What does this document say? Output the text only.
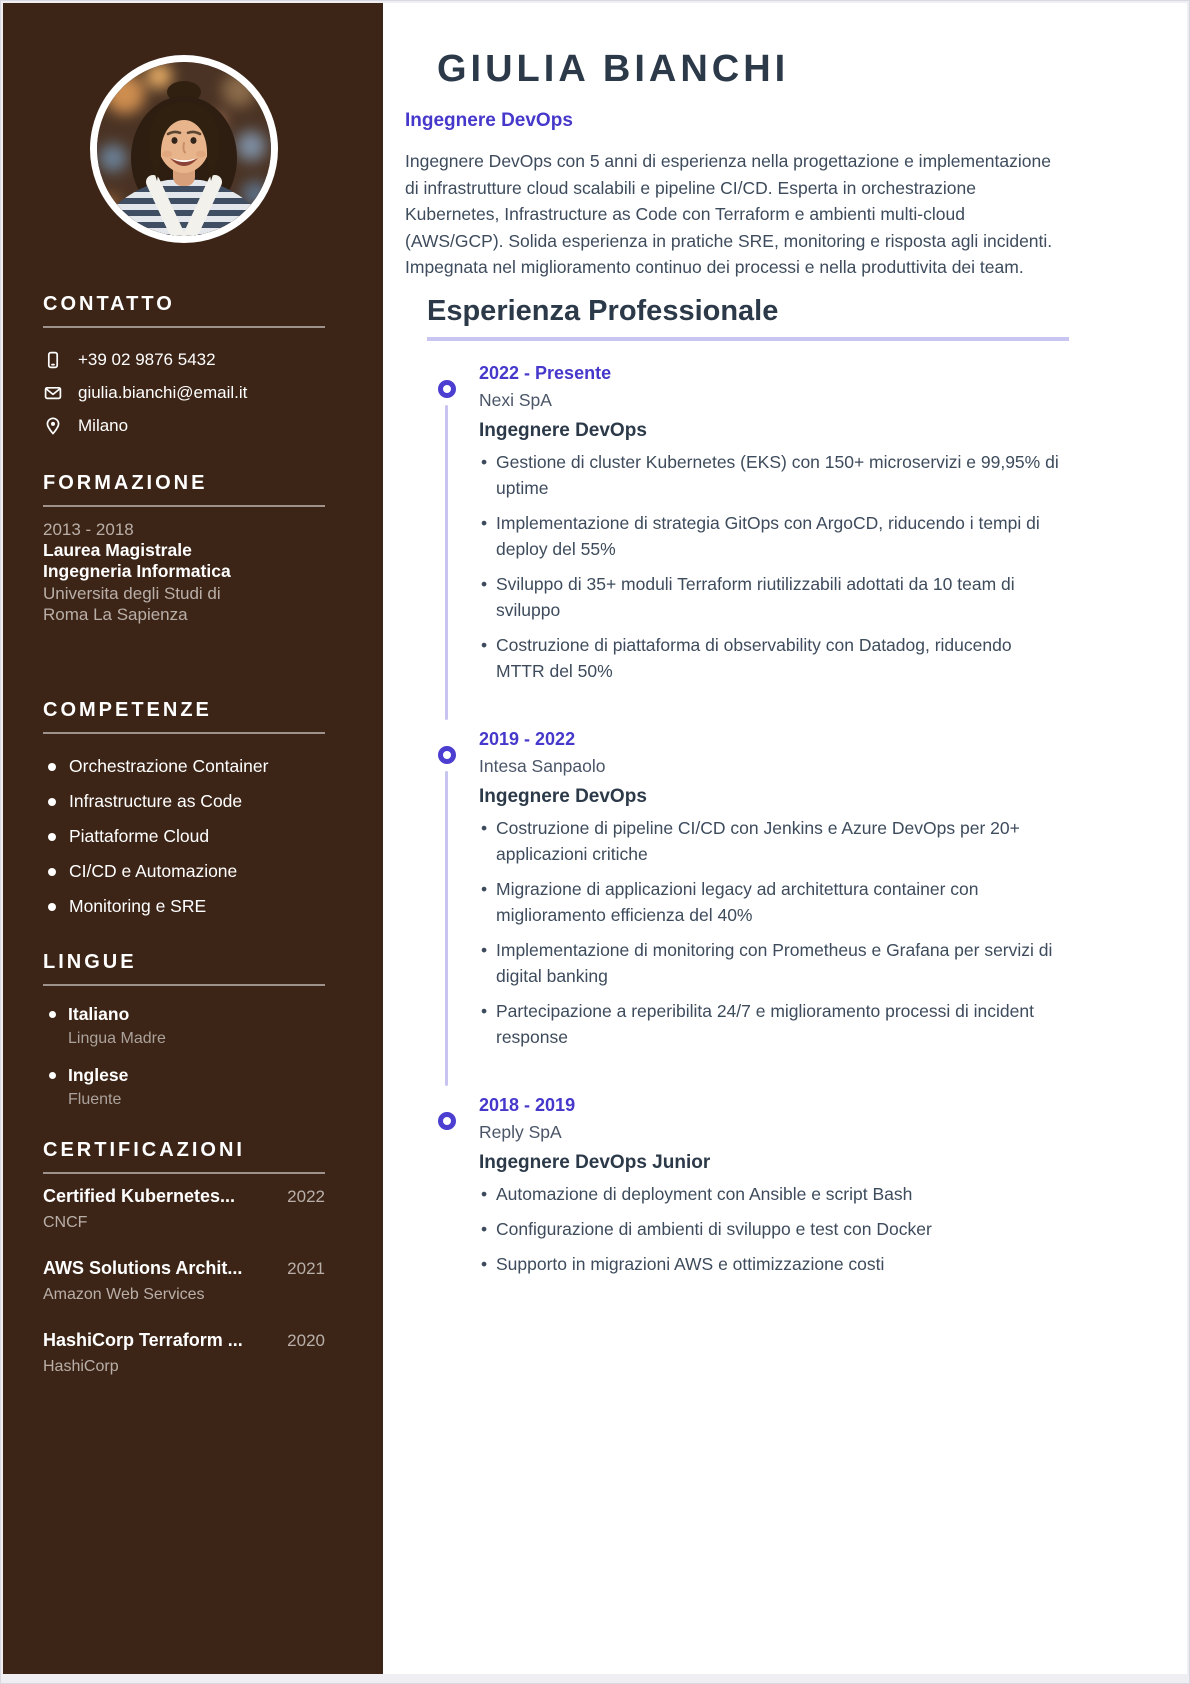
CONTATTO
+39 02 9876 5432
giulia.bianchi@email.it
Milano
FORMAZIONE
2013 - 2018
Laurea Magistrale
Ingegneria Informatica
Universita degli Studi di Roma La Sapienza
COMPETENZE
Orchestrazione Container
Infrastructure as Code
Piattaforme Cloud
CI/CD e Automazione
Monitoring e SRE
LINGUE
Italiano
Lingua Madre
Inglese
Fluente
CERTIFICAZIONI
Certified Kubernetes...	2022
CNCF
AWS Solutions Archit...	2021
Amazon Web Services
HashiCorp Terraform ...	2020
HashiCorp
GIULIA BIANCHI
Ingegnere DevOps

Ingegnere DevOps con 5 anni di esperienza nella progettazione e implementazione di infrastrutture cloud scalabili e pipeline CI/CD. Esperta in orchestrazione Kubernetes, Infrastructure as Code con Terraform e ambienti multi-cloud (AWS/GCP). Solida esperienza in pratiche SRE, monitoring e risposta agli incidenti. Impegnata nel miglioramento continuo dei processi e nella produttivita dei team.

Esperienza Professionale
2022 - Presente
Nexi SpA
Ingegnere DevOps
• Gestione di cluster Kubernetes (EKS) con 150+ microservizi e 99,95% di uptime
• Implementazione di strategia GitOps con ArgoCD, riducendo i tempi di deploy del 55%
• Sviluppo di 35+ moduli Terraform riutilizzabili adottati da 10 team di sviluppo
• Costruzione di piattaforma di observability con Datadog, riducendo MTTR del 50%
2019 - 2022
Intesa Sanpaolo
Ingegnere DevOps
• Costruzione di pipeline CI/CD con Jenkins e Azure DevOps per 20+ applicazioni critiche
• Migrazione di applicazioni legacy ad architettura container con miglioramento efficienza del 40%
• Implementazione di monitoring con Prometheus e Grafana per servizi di digital banking
• Partecipazione a reperibilita 24/7 e miglioramento processi di incident response
2018 - 2019
Reply SpA
Ingegnere DevOps Junior
• Automazione di deployment con Ansible e script Bash
• Configurazione di ambienti di sviluppo e test con Docker
• Supporto in migrazioni AWS e ottimizzazione costi
